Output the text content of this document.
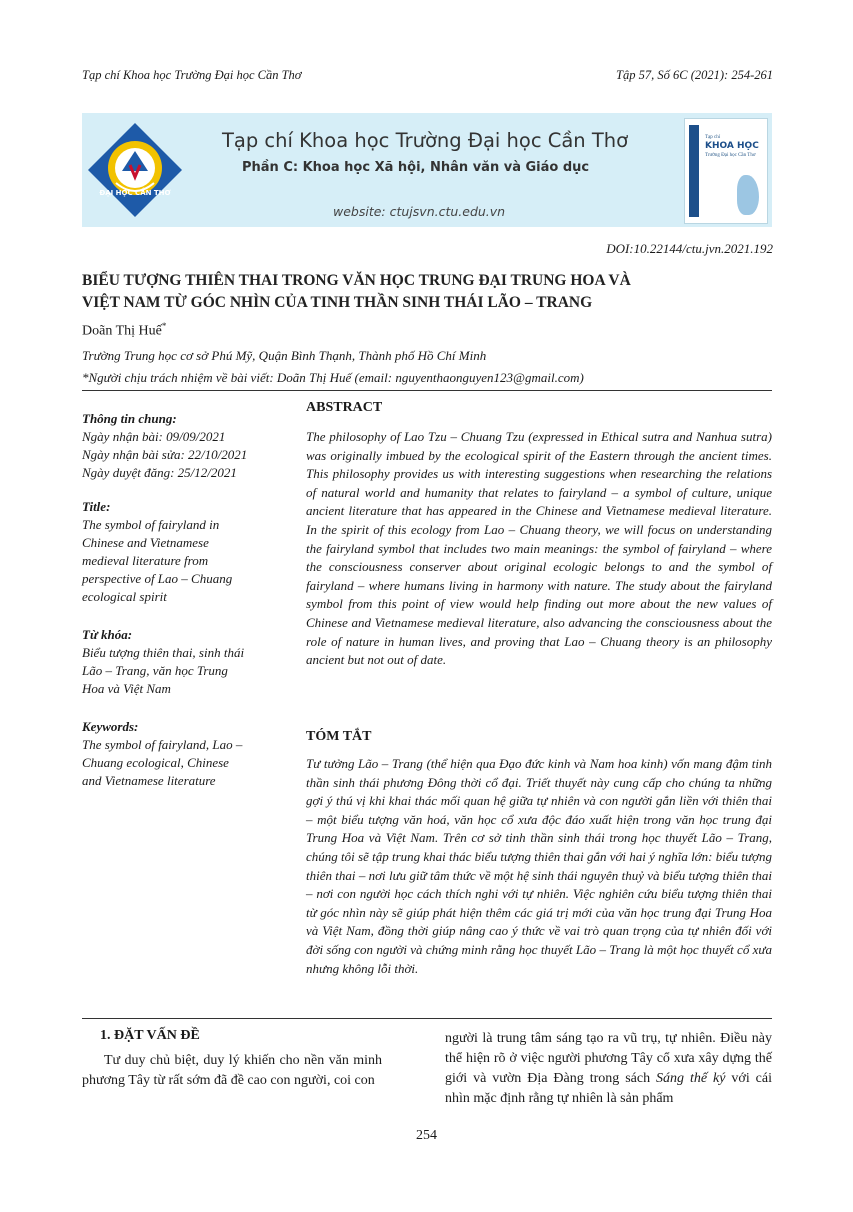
Tạp chí Khoa học Trường Đại học Cần Thơ	Tập 57, Số 6C (2021): 254-261
ĐẠI HỌC CẦN THƠ
Tạp chí Khoa học Trường Đại học Cần Thơ
Phần C: Khoa học Xã hội, Nhân văn và Giáo dục
website: ctujsvn.ctu.edu.vn
Tạp chí
KHOA HỌC
Trường Đại học Cần Thơ
DOI:10.22144/ctu.jvn.2021.192
BIỂU TƯỢNG THIÊN THAI TRONG VĂN HỌC TRUNG ĐẠI TRUNG HOA VÀ
VIỆT NAM TỪ GÓC NHÌN CỦA TINH THẦN SINH THÁI LÃO – TRANG
Doãn Thị Huế*
Trường Trung học cơ sở Phú Mỹ, Quận Bình Thạnh, Thành phố Hồ Chí Minh
*Người chịu trách nhiệm về bài viết: Doãn Thị Huế (email: nguyenthaonguyen123@gmail.com)
Thông tin chung:
Ngày nhận bài: 09/09/2021
Ngày nhận bài sửa: 22/10/2021
Ngày duyệt đăng: 25/12/2021
Title:
The symbol of fairyland in
Chinese and Vietnamese
medieval literature from
perspective of Lao – Chuang
ecological spirit
Từ khóa:
Biểu tượng thiên thai, sinh thái
Lão – Trang, văn học Trung
Hoa và Việt Nam
Keywords:
The symbol of fairyland, Lao –
Chuang ecological, Chinese
and Vietnamese literature
ABSTRACT
The philosophy of Lao Tzu – Chuang Tzu (expressed in Ethical sutra and Nanhua sutra) was originally imbued by the ecological spirit of the Eastern through the ancient times. This philosophy provides us with interesting suggestions when researching the relations of natural world and humanity that relates to fairyland – a symbol of culture, unique ancient literature that has appeared in the Chinese and Vietnamese medieval literature. In the spirit of this ecology from Lao – Chuang theory, we will focus on understanding the fairyland symbol that includes two main meanings: the symbol of fairyland – where the consciousness conserver about original ecologic belongs to and the symbol of fairyland – where humans living in harmony with nature. The study about the fairyland symbol from this point of view would help finding out more about the new values of Chinese and Vietnamese medieval literature, also advancing the consciousness about the role of nature in human lives, and proving that Lao – Chuang theory is an philosophy ancient but not out of date.
TÓM TẮT
Tư tưởng Lão – Trang (thể hiện qua Đạo đức kinh và Nam hoa kinh) vốn mang đậm tinh thần sinh thái phương Đông thời cổ đại. Triết thuyết này cung cấp cho chúng ta những gợi ý thú vị khi khai thác mối quan hệ giữa tự nhiên và con người gắn liền với thiên thai – một biểu tượng văn hoá, văn học cổ xưa độc đáo xuất hiện trong văn học trung đại Trung Hoa và Việt Nam. Trên cơ sở tinh thần sinh thái trong học thuyết Lão – Trang, chúng tôi sẽ tập trung khai thác biểu tượng thiên thai gắn với hai ý nghĩa lớn: biểu tượng thiên thai – nơi lưu giữ tâm thức về một hệ sinh thái nguyên thuỷ và biểu tượng thiên thai – nơi con người học cách thích nghi với tự nhiên. Việc nghiên cứu biểu tượng thiên thai từ góc nhìn này sẽ giúp phát hiện thêm các giá trị mới của văn học trung đại Trung Hoa và Việt Nam, đồng thời giúp nâng cao ý thức về vai trò quan trọng của tự nhiên đối với đời sống con người và chứng minh rằng học thuyết Lão – Trang là một học thuyết cổ xưa nhưng không lỗi thời.
1. ĐẶT VẤN ĐỀ
Tư duy chủ biệt, duy lý khiến cho nền văn minh phương Tây từ rất sớm đã đề cao con người, coi con
người là trung tâm sáng tạo ra vũ trụ, tự nhiên. Điều này thể hiện rõ ở việc người phương Tây cổ xưa xây dựng thế giới và vườn Địa Đàng trong sách Sáng thế ký với cái nhìn mặc định rằng tự nhiên là sản phẩm
254
